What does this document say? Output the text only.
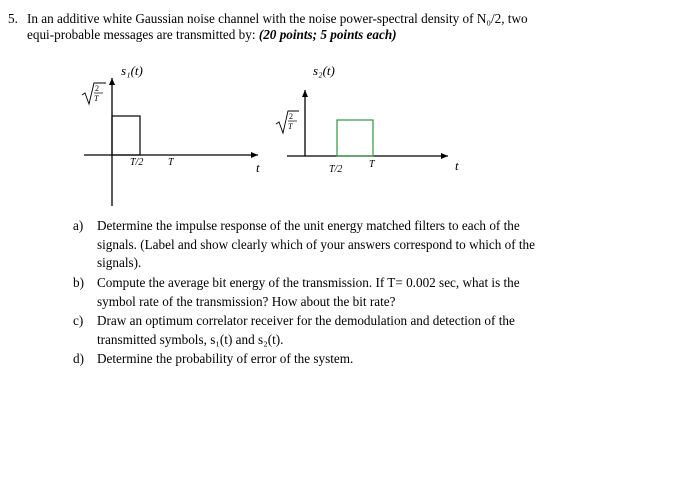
5. In an additive white Gaussian noise channel with the noise power-spectral density of N₀/2, two
equi-probable messages are transmitted by: (20 points; 5 points each)
s₁(t)
2
T
T/2 T	t
s₂(t)
2
T
T/2	T	t
a)	Determine the impulse response of the unit energy matched filters to each of the
signals. (Label and show clearly which of your answers correspond to which of the
signals).
b) Compute the average bit energy of the transmission. If T= 0.002 sec, what is the
symbol rate of the transmission? How about the bit rate?
c)	Draw an optimum correlator receiver for the demodulation and detection of the
transmitted symbols, s₁(t) and s₂(t).
d) Determine the probability of error of the system.
